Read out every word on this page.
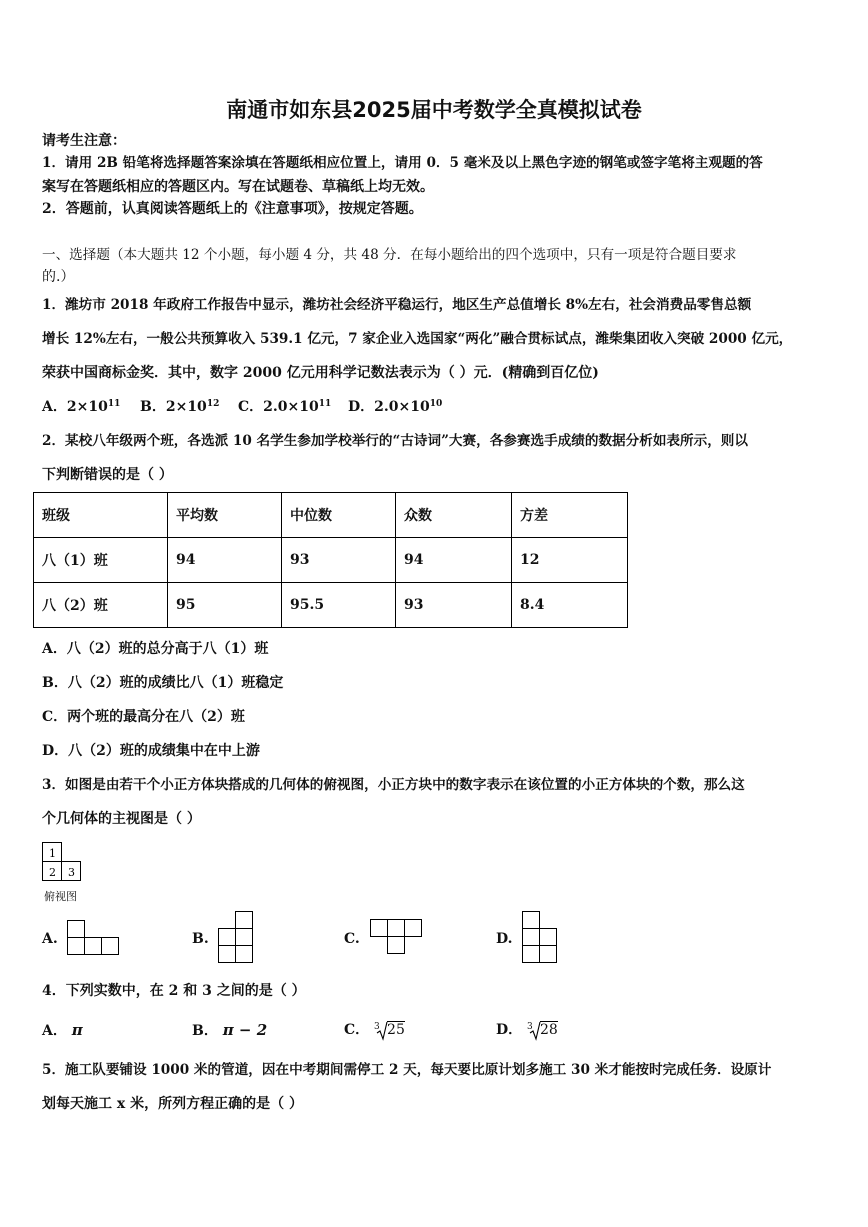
南通市如东县2025届中考数学全真模拟试卷
请考生注意：
1．请用 2B 铅笔将选择题答案涂填在答题纸相应位置上，请用 0．5 毫米及以上黑色字迹的钢笔或签字笔将主观题的答
案写在答题纸相应的答题区内。写在试题卷、草稿纸上均无效。
2．答题前，认真阅读答题纸上的《注意事项》，按规定答题。
一、选择题（本大题共 12 个小题，每小题 4 分，共 48 分．在每小题给出的四个选项中，只有一项是符合题目要求
的.）
1．潍坊市 2018 年政府工作报告中显示，潍坊社会经济平稳运行，地区生产总值增长 8%左右，社会消费品零售总额
增长 12%左右，一般公共预算收入 539.1 亿元，7 家企业入选国家“两化”融合贯标试点，潍柴集团收入突破 2000 亿元，
荣获中国商标金奖．其中，数字 2000 亿元用科学记数法表示为（ ）元．(精确到百亿位)
A．$2\times 10^{11}$ B．$2\times 10^{12}$ C．$2.0\times 10^{11}$ D．$2.0\times 10^{10}$
2．某校八年级两个班，各选派 10 名学生参加学校举行的“古诗词”大赛，各参赛选手成绩的数据分析如表所示，则以
下判断错误的是（ ）
班级	平均数	中位数	众数	方差
八（1）班	94	93	94	12
八（2）班	95	95.5	93	8.4
A．八（2）班的总分高于八（1）班
B．八（2）班的成绩比八（1）班稳定
C．两个班的最高分在八（2）班
D．八（2）班的成绩集中在中上游
3．如图是由若干个小正方体块搭成的几何体的俯视图，小正方块中的数字表示在该位置的小正方体块的个数，那么这
个几何体的主视图是（ ）
1
2 3
俯视图
A.	B.	C.	D.
4．下列实数中，在 2 和 3 之间的是（ ）
A． π	B． π − 2	C． 3 25	D． 3 28
5．施工队要铺设 1000 米的管道，因在中考期间需停工 2 天，每天要比原计划多施工 30 米才能按时完成任务．设原计
划每天施工 x 米，所列方程正确的是（ ）
